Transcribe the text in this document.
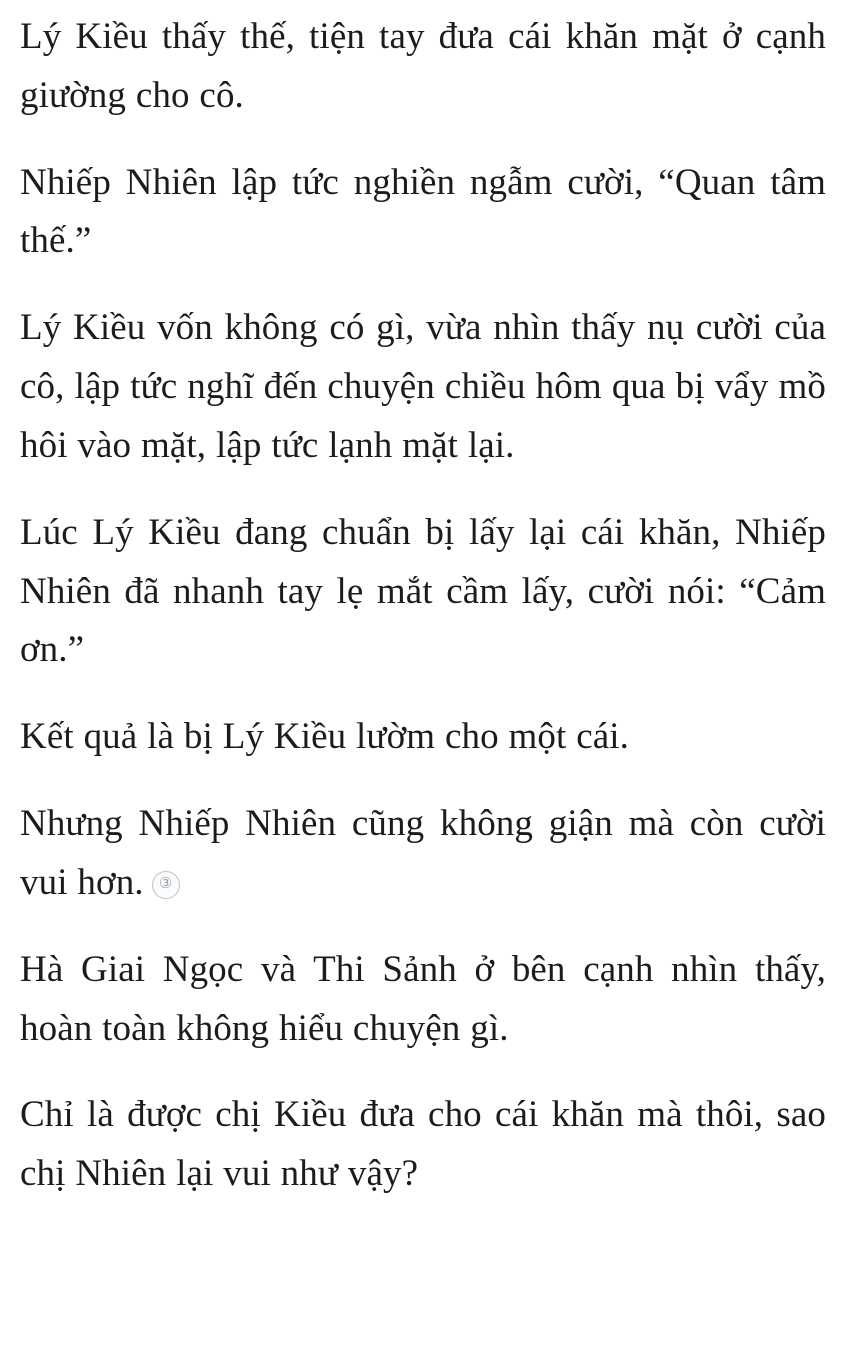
Lý Kiều thấy thế, tiện tay đưa cái khăn mặt ở cạnh giường cho cô.

Nhiếp Nhiên lập tức nghiền ngẫm cười, “Quan tâm thế.”

Lý Kiều vốn không có gì, vừa nhìn thấy nụ cười của cô, lập tức nghĩ đến chuyện chiều hôm qua bị vẩy mồ hôi vào mặt, lập tức lạnh mặt lại.

Lúc Lý Kiều đang chuẩn bị lấy lại cái khăn, Nhiếp Nhiên đã nhanh tay lẹ mắt cầm lấy, cười nói: “Cảm ơn.”

Kết quả là bị Lý Kiều lườm cho một cái.

Nhưng Nhiếp Nhiên cũng không giận mà còn cười vui hơn. ③

Hà Giai Ngọc và Thi Sảnh ở bên cạnh nhìn thấy, hoàn toàn không hiểu chuyện gì.

Chỉ là được chị Kiều đưa cho cái khăn mà thôi, sao chị Nhiên lại vui như vậy?
